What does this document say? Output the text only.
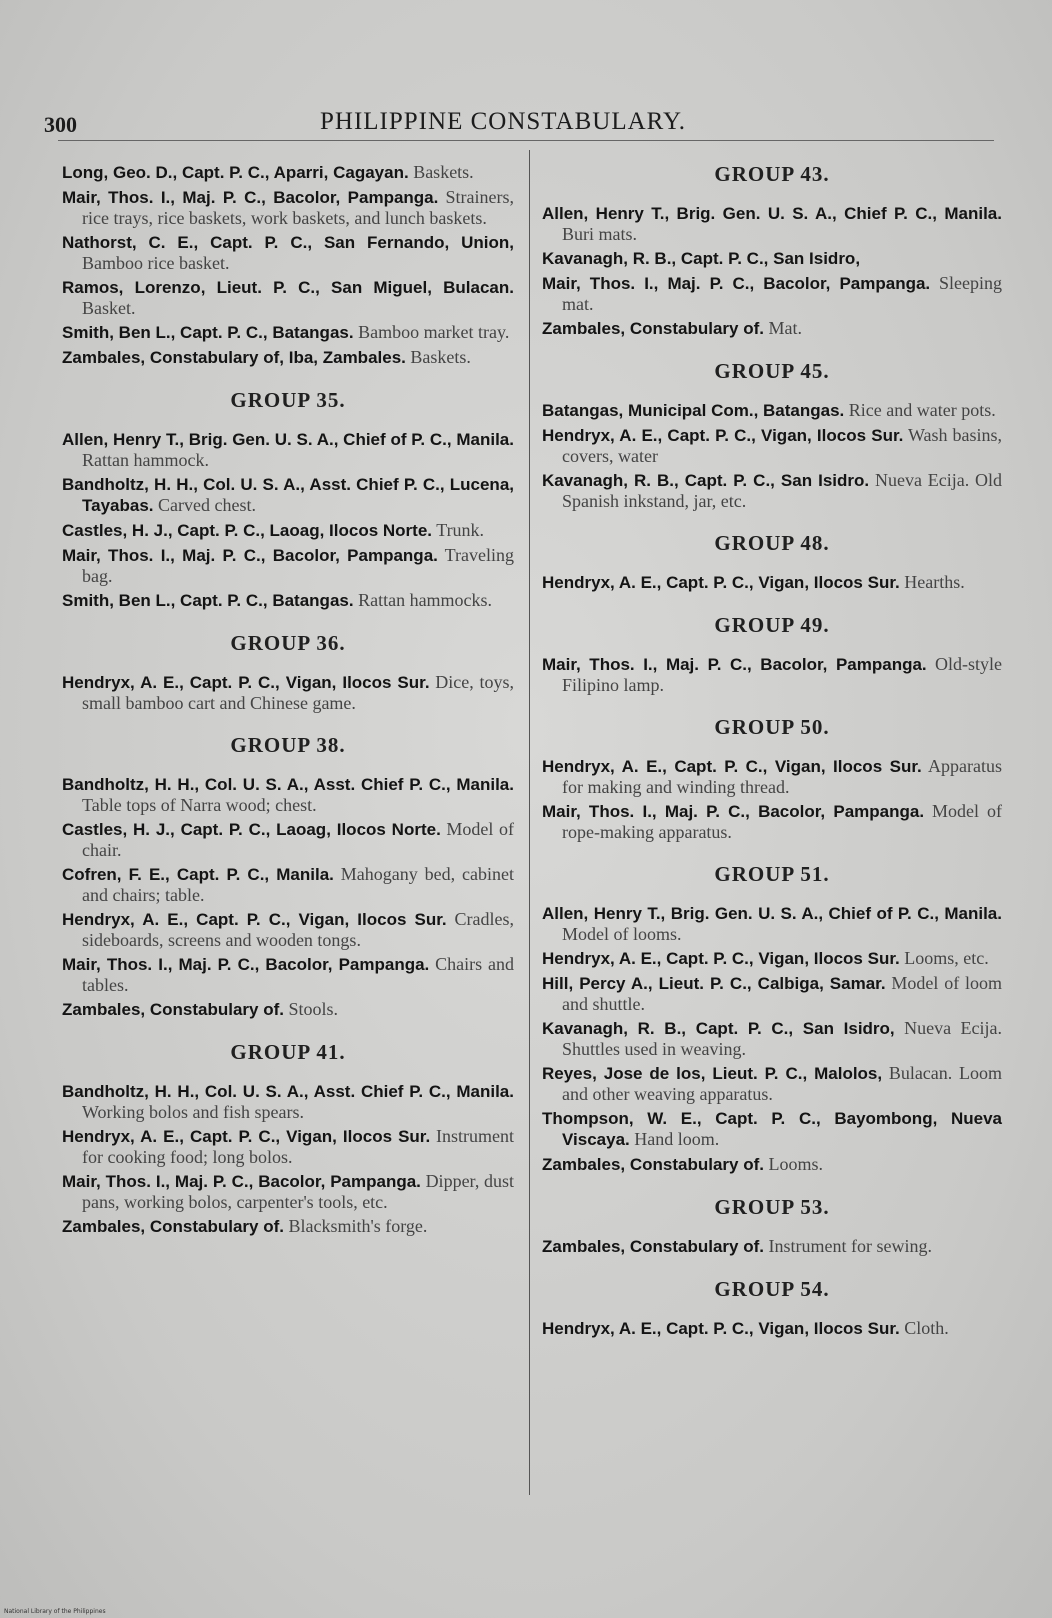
300	PHILIPPINE CONSTABULARY.
Long, Geo. D., Capt. P. C., Aparri, Cagayan. Baskets.
Mair, Thos. I., Maj. P. C., Bacolor, Pampanga. Strainers, rice trays, rice baskets, work baskets, and lunch baskets.
Nathorst, C. E., Capt. P. C., San Fernando, Union, Bamboo rice basket.
Ramos, Lorenzo, Lieut. P. C., San Miguel, Bulacan. Basket.
Smith, Ben L., Capt. P. C., Batangas. Bamboo market tray.
Zambales, Constabulary of, Iba, Zambales. Baskets.
GROUP 35.
Allen, Henry T., Brig. Gen. U. S. A., Chief of P. C., Manila. Rattan hammock.
Bandholtz, H. H., Col. U. S. A., Asst. Chief P. C., Lucena, Tayabas. Carved chest.
Castles, H. J., Capt. P. C., Laoag, Ilocos Norte. Trunk.
Mair, Thos. I., Maj. P. C., Bacolor, Pampanga. Traveling bag.
Smith, Ben L., Capt. P. C., Batangas. Rattan hammocks.
GROUP 36.
Hendryx, A. E., Capt. P. C., Vigan, Ilocos Sur. Dice, toys, small bamboo cart and Chinese game.
GROUP 38.
Bandholtz, H. H., Col. U. S. A., Asst. Chief P. C., Manila. Table tops of Narra wood; chest.
Castles, H. J., Capt. P. C., Laoag, Ilocos Norte. Model of chair.
Cofren, F. E., Capt. P. C., Manila. Mahogany bed, cabinet and chairs; table.
Hendryx, A. E., Capt. P. C., Vigan, Ilocos Sur. Cradles, sideboards, screens and wooden tongs.
Mair, Thos. I., Maj. P. C., Bacolor, Pampanga. Chairs and tables.
Zambales, Constabulary of. Stools.
GROUP 41.
Bandholtz, H. H., Col. U. S. A., Asst. Chief P. C., Manila. Working bolos and fish spears.
Hendryx, A. E., Capt. P. C., Vigan, Ilocos Sur. Instrument for cooking food; long bolos.
Mair, Thos. I., Maj. P. C., Bacolor, Pampanga. Dipper, dust pans, working bolos, carpenter's tools, etc.
Zambales, Constabulary of. Blacksmith's forge.
GROUP 43.
Allen, Henry T., Brig. Gen. U. S. A., Chief P. C., Manila. Buri mats.
Kavanagh, R. B., Capt. P. C., San Isidro,
Mair, Thos. I., Maj. P. C., Bacolor, Pampanga. Sleeping mat.
Zambales, Constabulary of. Mat.
GROUP 45.
Batangas, Municipal Com., Batangas. Rice and water pots.
Hendryx, A. E., Capt. P. C., Vigan, Ilocos Sur. Wash basins, covers, water
Kavanagh, R. B., Capt. P. C., San Isidro. Nueva Ecija. Old Spanish inkstand, jar, etc.
GROUP 48.
Hendryx, A. E., Capt. P. C., Vigan, Ilocos Sur. Hearths.
GROUP 49.
Mair, Thos. I., Maj. P. C., Bacolor, Pampanga. Old-style Filipino lamp.
GROUP 50.
Hendryx, A. E., Capt. P. C., Vigan, Ilocos Sur. Apparatus for making and winding thread.
Mair, Thos. I., Maj. P. C., Bacolor, Pampanga. Model of rope-making apparatus.
GROUP 51.
Allen, Henry T., Brig. Gen. U. S. A., Chief of P. C., Manila. Model of looms.
Hendryx, A. E., Capt. P. C., Vigan, Ilocos Sur. Looms, etc.
Hill, Percy A., Lieut. P. C., Calbiga, Samar. Model of loom and shuttle.
Kavanagh, R. B., Capt. P. C., San Isidro, Nueva Ecija. Shuttles used in weaving.
Reyes, Jose de los, Lieut. P. C., Malolos, Bulacan. Loom and other weaving apparatus.
Thompson, W. E., Capt. P. C., Bayombong, Nueva Viscaya. Hand loom.
Zambales, Constabulary of. Looms.
GROUP 53.
Zambales, Constabulary of. Instrument for sewing.
GROUP 54.
Hendryx, A. E., Capt. P. C., Vigan, Ilocos Sur. Cloth.
National Library of the Philippines
